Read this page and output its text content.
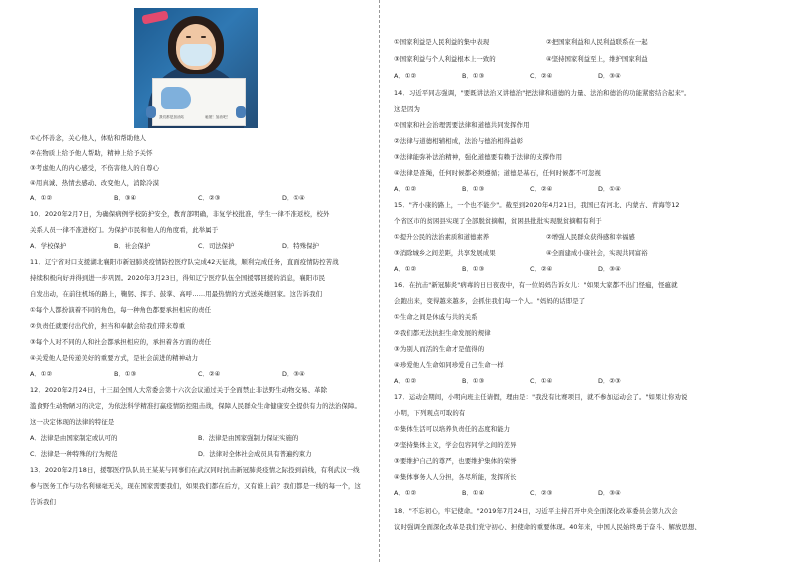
我们都是加油站	驰援！加油吧！
①心怀善念，关心他人，体贴和帮助他人
②在物质上给予他人帮助，精神上给予关怀
③考虑他人的内心感受，不伤害他人的自尊心
④用真诚、热情去感动、改变他人，消除冷漠
A．①②	B．③④	C．②③	D．①④
10．2020年2月7日，为确保病例学校防护安全，教育部明确，非复学校批准，学生一律不准返校，校外
关系人员一律不准进校门。为保护市民和他人的角度看，此举属于
A．学校保护	B．社会保护	C．司法保护	D．特殊保护
11．辽宁省对口支援湖北襄阳市新冠肺炎疫情防控医疗队完成42天征战，顺利完成任务，直面疫情防控苦战
持续积极向好并得到进一步巩固。2020年3月23日，得知辽宁医疗队伍全国援鄂回援的消息，襄阳市民
自发出动，在前往机场的路上，鞠躬、挥手、鼓掌、高呼……用最热情的方式送英雄回家。这告诉我们
①每个人都扮演着不同的角色，每一种角色都要承担相应的责任
②负责任就要付出代价，担当和奉献会给我们带来尊重
③每个人对不同的人和社会都承担相应的，承担着各方面的责任
④关爱他人是传递美好的重要方式，是社会前进的精神动力
A．①②	B．①③	C．②④	D．③④
12．2020年2月24日，十三届全国人大常委会第十六次会议通过关于全面禁止非法野生动物交易、革除
滥食野生动物陋习的决定，为依法科学精准打赢疫情防控阻击战，保障人民群众生命健康安全提供有力的法治保障。
这一决定体现的法律的特征是
A．法律是由国家制定或认可的	B．法律是由国家强制力保证实施的
C．法律是一种特殊的行为规范	D．法律对全体社会成员具有普遍约束力
13．2020年2月18日，援鄂医疗队队员王某某与同事们在武汉同时抗击新冠肺炎疫情之际投到前线，有利武汉一线
参与医务工作与功名利禄毫无关，现在国家需要我们，如果我们都在后方，又有谁上前？我们都是一线的每一个，这
告诉我们
①国家利益是人民利益的集中表现	②把国家利益和人民利益联系在一起
③国家利益与个人利益根本上一致的	④坚持国家利益至上，维护国家利益
A．①②	B．①③	C．②④	D．③④
14．习近平同志强调，"要既讲法治又讲德治"把法律和道德的力量、法治和德治的功能紧密结合起来"。
这是因为
①国家和社会治理需要法律和道德共同发挥作用
②法律与道德相辅相成，法治与德治相得益彰
③法律能弥补法治精神，强化道德要有赖于法律的支撑作用
④法律是准绳，任何时候都必须遵循；道德是基石，任何时候都不可忽视
A．①②	B．①③	C．②④	D．①④
15．"齐小康的路上，一个也不能少"。截至到2020年4月21日，我国已有河北、内蒙古、青海等12
个省区市的贫困县实现了全部脱贫摘帽，贫困县批批实现脱贫摘帽有利于
①提升公民的法治素质和道德素养	②增强人民群众获得感和幸福感
③消除城乡之间差距，共享发展成果	④全面建成小康社会，实现共同富裕
A．①②	B．①③	C．②④	D．③④
16．在抗击"新冠肺炎"病毒的日日夜夜中，有一位妈妈告诉女儿："如果大家都不出门怪瘟，怪瘟就
会跑出来，变得越来越多，会抓住我们每一个人。"妈妈的话即是了
①生命之间是休戚与共的关系
②我们都无法抗拒生命发展的规律
③为别人而活的生命才是值得的
④珍爱他人生命如同珍爱自己生命一样
A．①②	B．①③	C．①④	D．②③
17．运动会期间，小明向班主任请假，理由是："我没有比赛项目，就不参加运动会了。"如果让你劝说
小明，下列观点可取的有
①集体生活可以培养负责任的态度和能力
②坚持集体主义，学会包容同学之间的差异
③要维护自己的尊严，也要维护集体的荣誉
④集体事务人人分担，各尽所能，发挥所长
A．①②	B．①④	C．②③	D．③④
18．"不忘初心，牢记使命。"2019年7月24日，习近平主持召开中央全面深化改革委员会第九次会
议时强调全面深化改革是我们党守初心、担使命的重要体现。40年来，中国人民始终勇于奋斗、解放思想、
